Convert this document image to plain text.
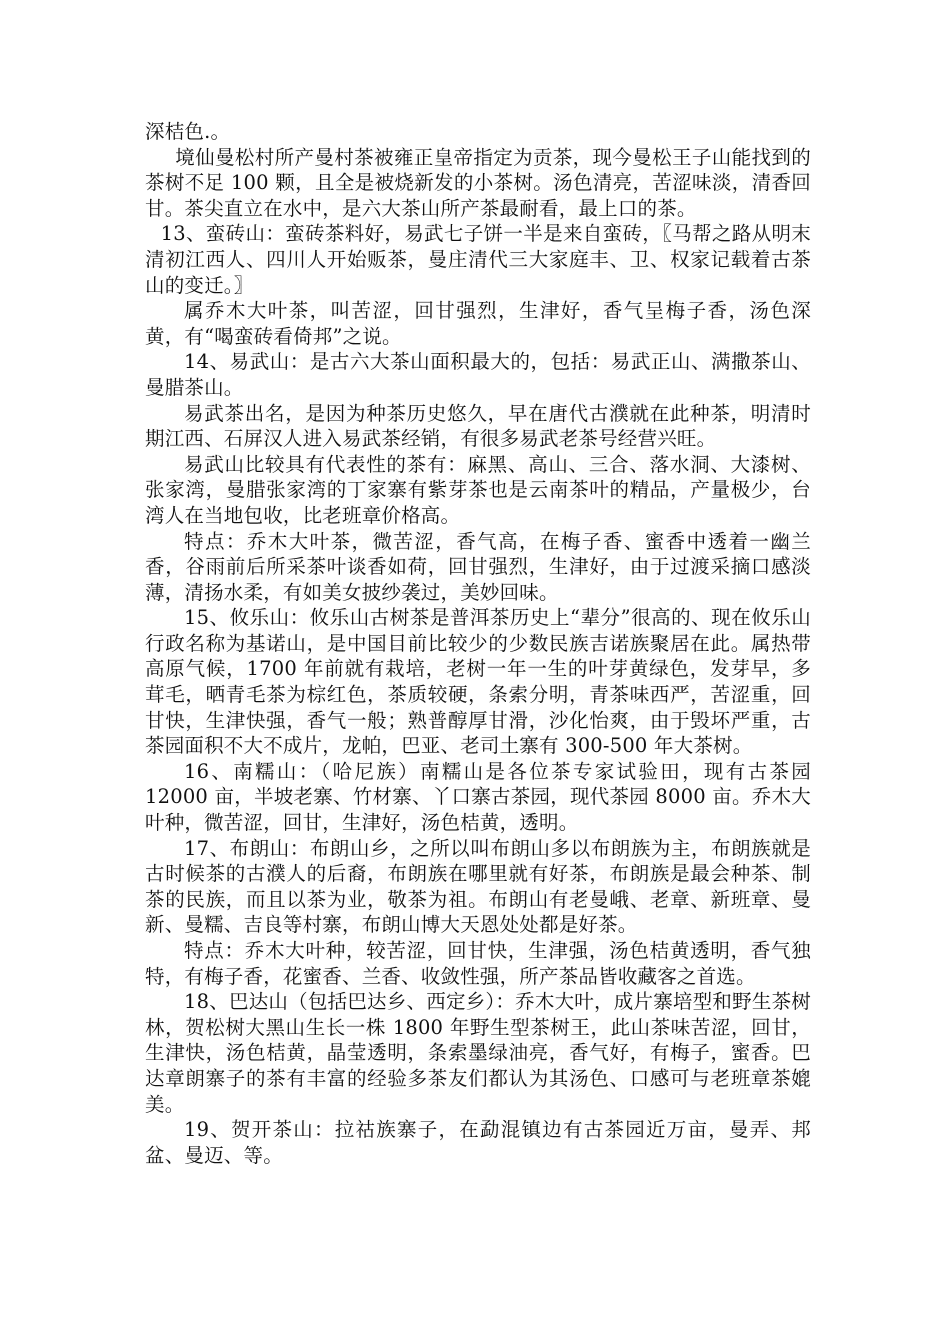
深桔色.。

境仙曼松村所产曼村茶被雍正皇帝指定为贡茶，现今曼松王子山能找到的茶树不足 100 颗，且全是被烧新发的小茶树。汤色清亮，苦涩味淡，清香回甘。茶尖直立在水中，是六大茶山所产茶最耐看，最上口的茶。

13、蛮砖山：蛮砖茶料好，易武七子饼一半是来自蛮砖，〖马帮之路从明末清初江西人、四川人开始贩茶，曼庄清代三大家庭丰、卫、权家记载着古茶山的变迁。〗

属乔木大叶茶，叫苦涩，回甘强烈，生津好，香气呈梅子香，汤色深黄，有“喝蛮砖看倚邦”之说。

14、易武山：是古六大茶山面积最大的，包括：易武正山、满撒茶山、曼腊茶山。

易武茶出名，是因为种茶历史悠久，早在唐代古濮就在此种茶，明清时期江西、石屏汉人进入易武茶经销，有很多易武老茶号经营兴旺。

易武山比较具有代表性的茶有：麻黑、高山、三合、落水洞、大漆树、张家湾，曼腊张家湾的丁家寨有紫芽茶也是云南茶叶的精品，产量极少，台湾人在当地包收，比老班章价格高。

特点：乔木大叶茶，微苦涩，香气高，在梅子香、蜜香中透着一幽兰香，谷雨前后所采茶叶谈香如荷，回甘强烈，生津好，由于过渡采摘口感淡薄，清扬水柔，有如美女披纱袭过，美妙回味。

15、攸乐山：攸乐山古树茶是普洱茶历史上“辈分”很高的、现在攸乐山行政名称为基诺山，是中国目前比较少的少数民族吉诺族聚居在此。属热带高原气候，1700 年前就有栽培，老树一年一生的叶芽黄绿色，发芽早，多茸毛，晒青毛茶为棕红色，茶质较硬，条索分明，青茶味西严，苦涩重，回甘快，生津快强，香气一般；熟普醇厚甘滑，沙化怡爽，由于毁坏严重，古茶园面积不大不成片，龙帕，巴亚、老司土寨有 300-500 年大茶树。

16、南糯山：（哈尼族）南糯山是各位茶专家试验田，现有古茶园 12000 亩，半坡老寨、竹材寨、丫口寨古茶园，现代茶园 8000 亩。乔木大叶种，微苦涩，回甘，生津好，汤色桔黄，透明。

17、布朗山：布朗山乡，之所以叫布朗山多以布朗族为主，布朗族就是古时候茶的古濮人的后裔，布朗族在哪里就有好茶，布朗族是最会种茶、制茶的民族，而且以茶为业，敬茶为祖。布朗山有老曼峨、老章、新班章、曼新、曼糯、吉良等村寨，布朗山博大天恩处处都是好茶。

特点：乔木大叶种，较苦涩，回甘快，生津强，汤色桔黄透明，香气独特，有梅子香，花蜜香、兰香、收敛性强，所产茶品皆收藏客之首选。

18、巴达山（包括巴达乡、西定乡）：乔木大叶，成片寨培型和野生茶树林，贺松树大黑山生长一株 1800 年野生型茶树王，此山茶味苦涩，回甘，生津快，汤色桔黄，晶莹透明，条索墨绿油亮，香气好，有梅子，蜜香。巴达章朗寨子的茶有丰富的经验多茶友们都认为其汤色、口感可与老班章茶媲美。

19、贺开茶山：拉祜族寨子，在勐混镇边有古茶园近万亩，曼弄、邦盆、曼迈、等。
